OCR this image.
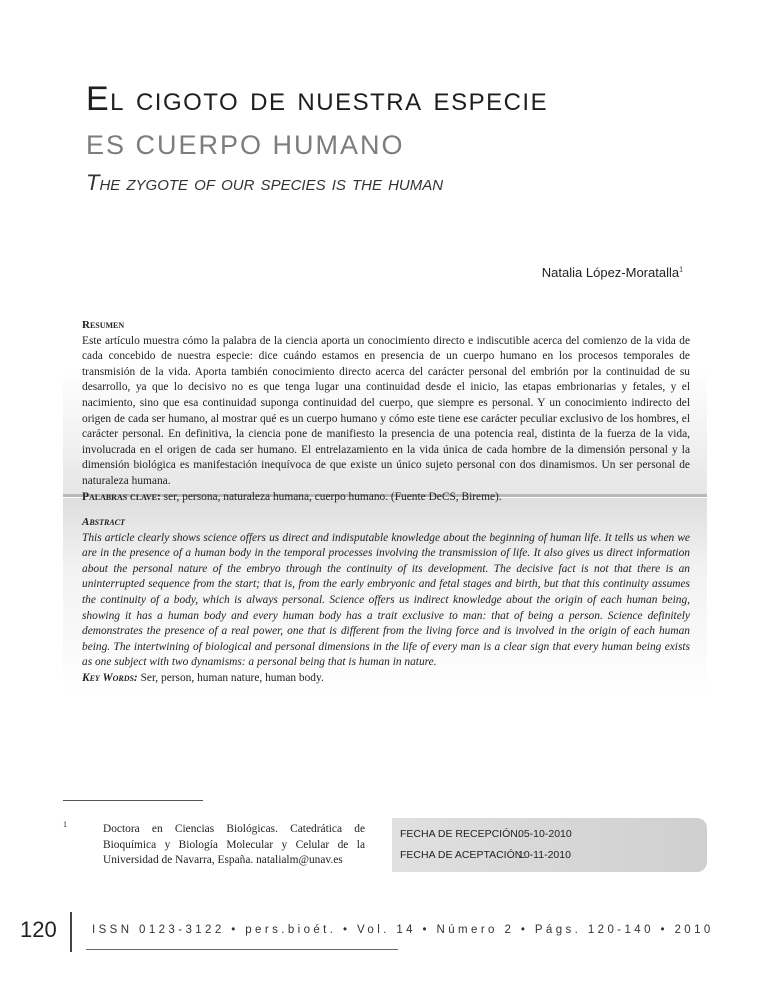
El cigoto de nuestra especie
ES CUERPO HUMANO
The zygote of our species is the human
Natalia López-Moratalla$^1$
Resumen
Este artículo muestra cómo la palabra de la ciencia aporta un conocimiento directo e indiscutible acerca del comienzo de la vida de cada concebido de nuestra especie: dice cuándo estamos en presencia de un cuerpo humano en los procesos temporales de transmisión de la vida. Aporta también conocimiento directo acerca del carácter personal del embrión por la continuidad de su desarrollo, ya que lo decisivo no es que tenga lugar una continuidad desde el inicio, las etapas embrionarias y fetales, y el nacimiento, sino que esa continuidad suponga continuidad del cuerpo, que siempre es personal. Y un conocimiento indirecto del origen de cada ser humano, al mostrar qué es un cuerpo humano y cómo este tiene ese carácter peculiar exclusivo de los hombres, el carácter personal. En definitiva, la ciencia pone de manifiesto la presencia de una potencia real, distinta de la fuerza de la vida, involucrada en el origen de cada ser humano. El entrelazamiento en la vida única de cada hombre de la dimensión personal y la dimensión biológica es manifestación inequívoca de que existe un único sujeto personal con dos dinamismos. Un ser personal de naturaleza humana.
Palabras clave: ser, persona, naturaleza humana, cuerpo humano. (Fuente DeCS, Bireme).
Abstract
This article clearly shows science offers us direct and indisputable knowledge about the beginning of human life. It tells us when we are in the presence of a human body in the temporal processes involving the transmission of life. It also gives us direct information about the personal nature of the embryo through the continuity of its development. The decisive fact is not that there is an uninterrupted sequence from the start; that is, from the early embryonic and fetal stages and birth, but that this continuity assumes the continuity of a body, which is always personal. Science offers us indirect knowledge about the origin of each human being, showing it has a human body and every human body has a trait exclusive to man: that of being a person. Science definitely demonstrates the presence of a real power, one that is different from the living force and is involved in the origin of each human being. The intertwining of biological and personal dimensions in the life of every man is a clear sign that every human being exists as one subject with two dynamisms: a personal being that is human in nature.
Key Words: Ser, person, human nature, human body.
1	Doctora en Ciencias Biológicas. Catedrática de Bioquímica y Biología Molecular y Celular de la Universidad de Navarra, España. natalialm@unav.es
FECHA DE RECEPCIÓN:
05-10-2010
FECHA DE ACEPTACIÓN:
10-11-2010
120	ISSN 0123-3122 • pers.bioét. • Vol. 14 • Número 2 • Págs. 120-140 • 2010
